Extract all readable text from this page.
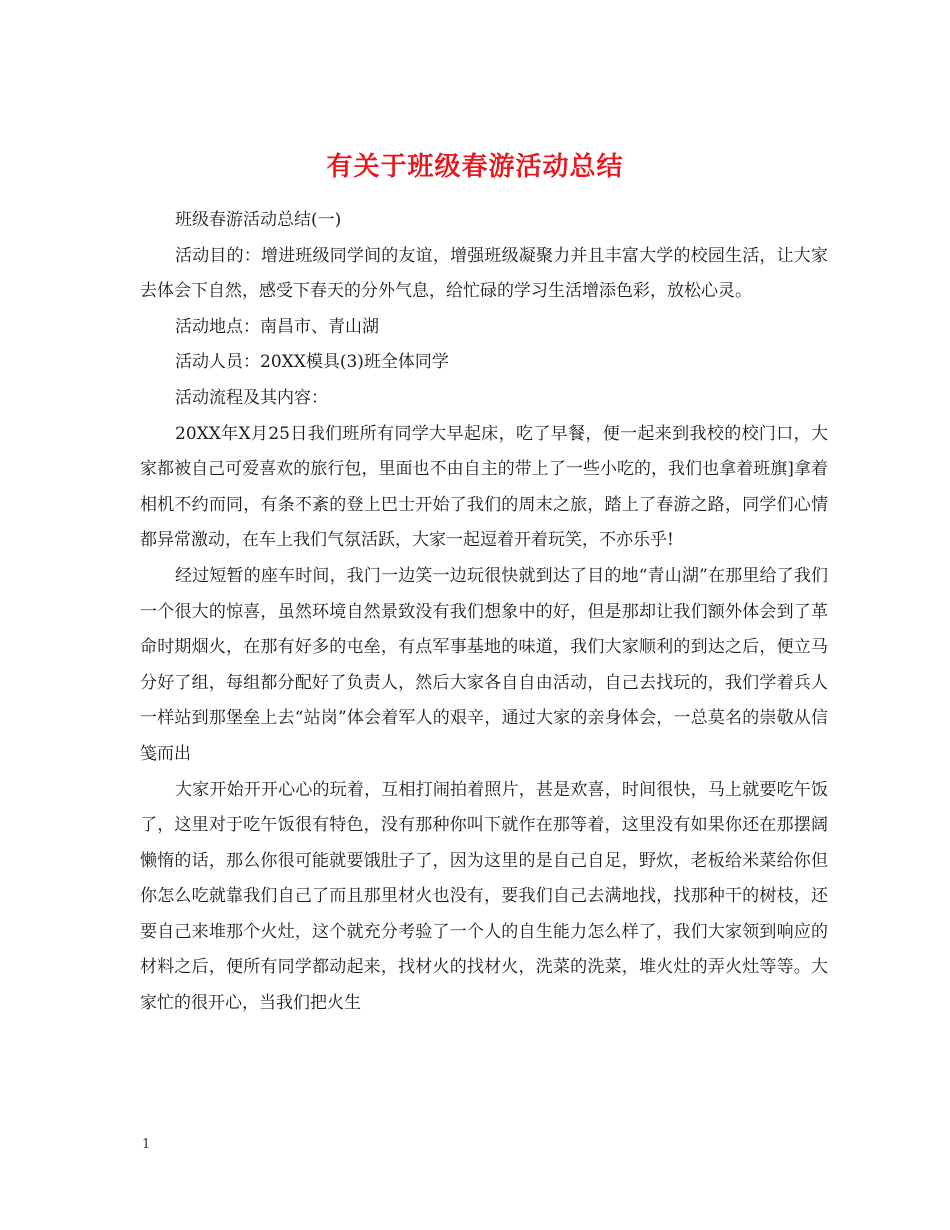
有关于班级春游活动总结

班级春游活动总结(一)

活动目的：增进班级同学间的友谊，增强班级凝聚力并且丰富大学的校园生活，让大家去体会下自然，感受下春天的分外气息，给忙碌的学习生活增添色彩，放松心灵。

活动地点：南昌市、青山湖

活动人员：20XX模具(3)班全体同学

活动流程及其内容：

20XX年X月25日我们班所有同学大早起床，吃了早餐，便一起来到我校的校门口，大家都被自己可爱喜欢的旅行包，里面也不由自主的带上了一些小吃的，我们也拿着班旗]拿着相机不约而同，有条不紊的登上巴士开始了我们的周末之旅，踏上了春游之路，同学们心情都异常激动，在车上我们气氛活跃，大家一起逗着开着玩笑，不亦乐乎!

经过短暂的座车时间，我门一边笑一边玩很快就到达了目的地“青山湖”在那里给了我们一个很大的惊喜，虽然环境自然景致没有我们想象中的好，但是那却让我们额外体会到了革命时期烟火，在那有好多的屯垒，有点军事基地的味道，我们大家顺利的到达之后，便立马分好了组，每组都分配好了负责人，然后大家各自自由活动，自己去找玩的，我们学着兵人一样站到那堡垒上去“站岗”体会着军人的艰辛，通过大家的亲身体会，一总莫名的崇敬从信笺而出

大家开始开开心心的玩着，互相打闹拍着照片，甚是欢喜，时间很快，马上就要吃午饭了，这里对于吃午饭很有特色，没有那种你叫下就作在那等着，这里没有如果你还在那摆阔懒惰的话，那么你很可能就要饿肚子了，因为这里的是自己自足，野炊，老板给米菜给你但你怎么吃就靠我们自己了而且那里材火也没有，要我们自己去满地找，找那种干的树枝，还要自己来堆那个火灶，这个就充分考验了一个人的自生能力怎么样了，我们大家领到响应的材料之后，便所有同学都动起来，找材火的找材火，洗菜的洗菜，堆火灶的弄火灶等等。大家忙的很开心，当我们把火生

1
